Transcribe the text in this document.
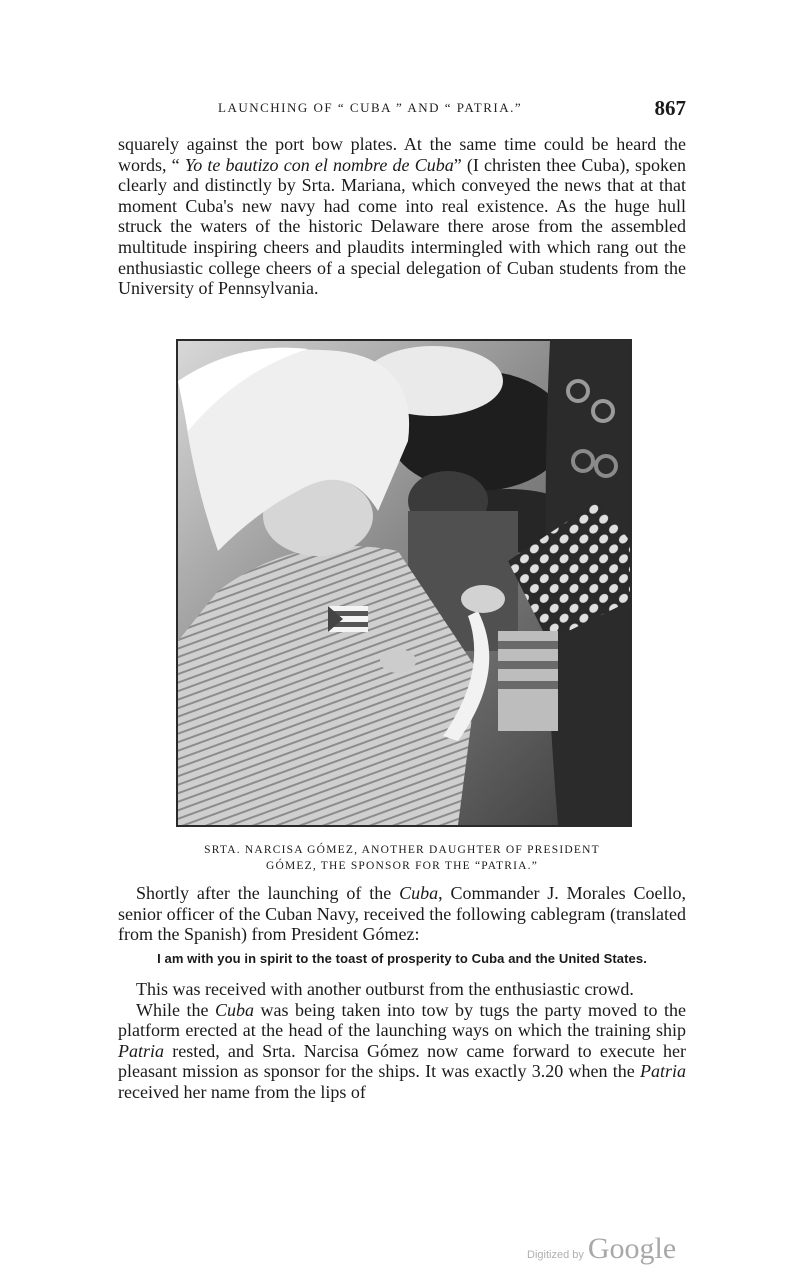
LAUNCHING OF “ CUBA ” AND “ PATRIA.”	867

squarely against the port bow plates. At the same time could be heard the words, “ Yo te bautizo con el nombre de Cuba” (I christen thee Cuba), spoken clearly and distinctly by Srta. Mariana, which conveyed the news that at that moment Cuba's new navy had come into real existence. As the huge hull struck the waters of the historic Delaware there arose from the assembled multitude inspiring cheers and plaudits intermingled with which rang out the enthusiastic college cheers of a special delegation of Cuban students from the University of Pennsylvania.

SRTA. NARCISA GÓMEZ, ANOTHER DAUGHTER OF PRESIDENT
GÓMEZ, THE SPONSOR FOR THE “PATRIA.”

Shortly after the launching of the Cuba, Commander J. Morales Coello, senior officer of the Cuban Navy, received the following cablegram (translated from the Spanish) from President Gómez:

I am with you in spirit to the toast of prosperity to Cuba and the United States.

This was received with another outburst from the enthusiastic crowd.

While the Cuba was being taken into tow by tugs the party moved to the platform erected at the head of the launching ways on which the training ship Patria rested, and Srta. Narcisa Gómez now came forward to execute her pleasant mission as sponsor for the ships. It was exactly 3.20 when the Patria received her name from the lips of

Digitized by Google
